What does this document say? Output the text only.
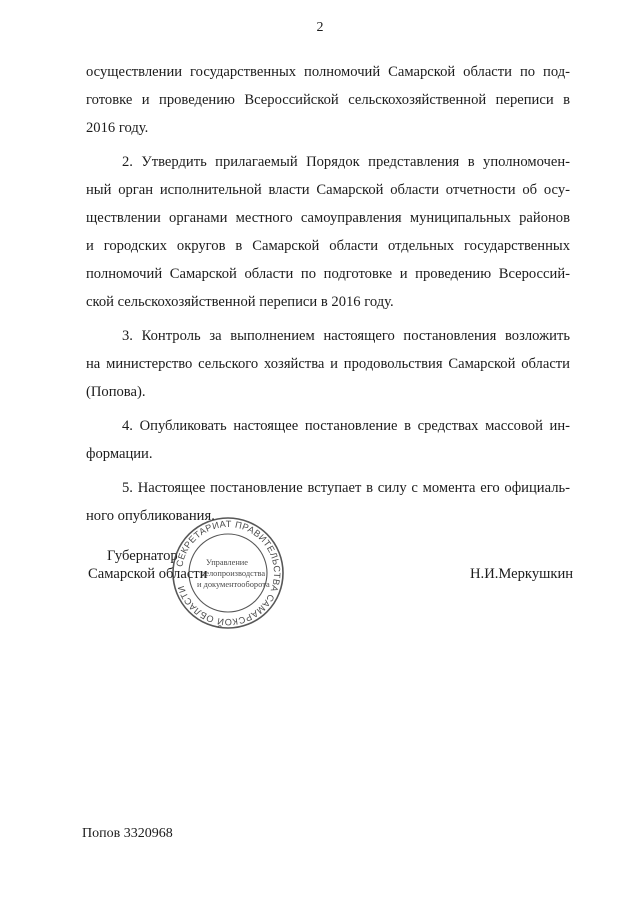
2
осуществлении государственных полномочий Самарской области по под-
готовке и проведению Всероссийской сельскохозяйственной переписи в
2016 году.
2. Утвердить прилагаемый Порядок представления в уполномочен-
ный орган исполнительной власти Самарской области отчетности об осу-
ществлении органами местного самоуправления муниципальных районов
и городских округов в Самарской области отдельных государственных
полномочий Самарской области по подготовке и проведению Всероссий-
ской сельскохозяйственной переписи в 2016 году.
3. Контроль за выполнением настоящего постановления возложить
на министерство сельского хозяйства и продовольствия Самарской области
(Попова).
4. Опубликовать настоящее постановление в средствах массовой ин-
формации.
5. Настоящее постановление вступает в силу с момента его официаль-
ного опубликования.
Губернатор
Самарской области	Н.И.Меркушкин
СЕКРЕТАРИАТ ПРАВИТЕЛЬСТВА САМАРСКОЙ ОБЛАСТИ
Управление
делопроизводства
и документооборота
Попов 3320968
